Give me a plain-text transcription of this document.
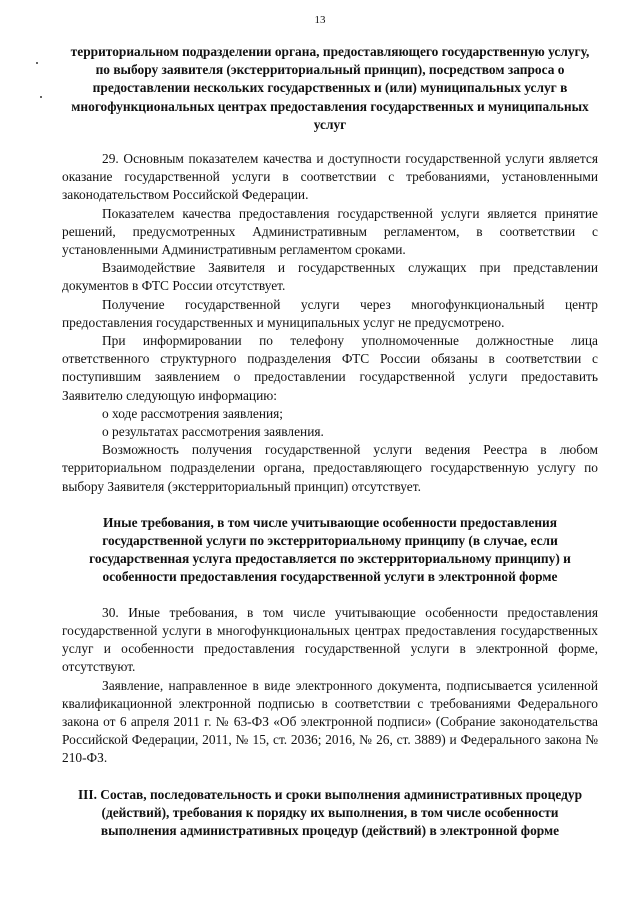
13

территориальном подразделении органа, предоставляющего государственную услугу, по выбору заявителя (экстерриториальный принцип), посредством запроса о предоставлении нескольких государственных и (или) муниципальных услуг в многофункциональных центрах предоставления государственных и муниципальных услуг

29. Основным показателем качества и доступности государственной услуги является оказание государственной услуги в соответствии с требованиями, установленными законодательством Российской Федерации.

Показателем качества предоставления государственной услуги является принятие решений, предусмотренных Административным регламентом, в соответствии с установленными Административным регламентом сроками.

Взаимодействие Заявителя и государственных служащих при представлении документов в ФТС России отсутствует.

Получение государственной услуги через многофункциональный центр предоставления государственных и муниципальных услуг не предусмотрено.

При информировании по телефону уполномоченные должностные лица ответственного структурного подразделения ФТС России обязаны в соответствии с поступившим заявлением о предоставлении государственной услуги предоставить Заявителю следующую информацию:

о ходе рассмотрения заявления;

о результатах рассмотрения заявления.

Возможность получения государственной услуги ведения Реестра в любом территориальном подразделении органа, предоставляющего государственную услугу по выбору Заявителя (экстерриториальный принцип) отсутствует.

Иные требования, в том числе учитывающие особенности предоставления государственной услуги по экстерриториальному принципу (в случае, если государственная услуга предоставляется по экстерриториальному принципу) и особенности предоставления государственной услуги в электронной форме

30. Иные требования, в том числе учитывающие особенности предоставления государственной услуги в многофункциональных центрах предоставления государственных услуг и особенности предоставления государственной услуги в электронной форме, отсутствуют.

Заявление, направленное в виде электронного документа, подписывается усиленной квалификационной электронной подписью в соответствии с требованиями Федерального закона от 6 апреля 2011 г. № 63-ФЗ «Об электронной подписи» (Собрание законодательства Российской Федерации, 2011, № 15, ст. 2036; 2016, № 26, ст. 3889) и Федерального закона № 210-ФЗ.

III. Состав, последовательность и сроки выполнения административных процедур (действий), требования к порядку их выполнения, в том числе особенности выполнения административных процедур (действий) в электронной форме
